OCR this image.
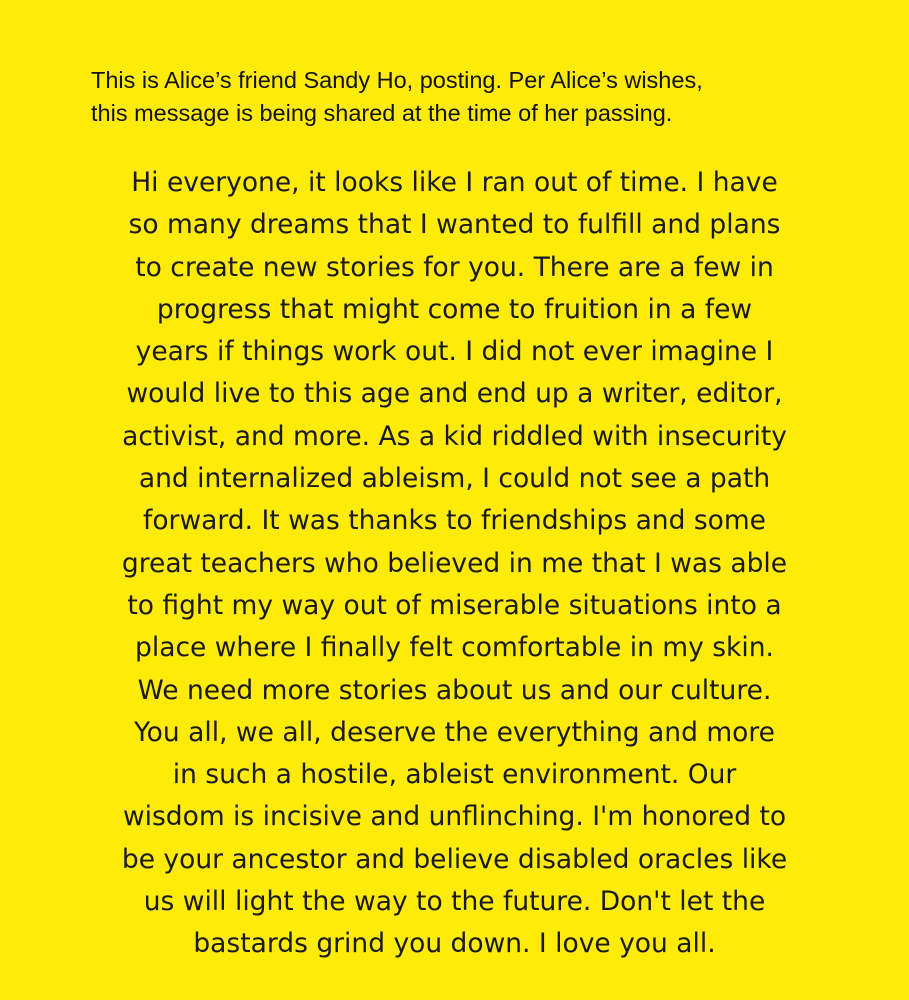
This is Alice’s friend Sandy Ho, posting. Per Alice’s wishes,
this message is being shared at the time of her passing.
Hi everyone, it looks like I ran out of time. I have
so many dreams that I wanted to fulfill and plans
to create new stories for you. There are a few in
progress that might come to fruition in a few
years if things work out. I did not ever imagine I
would live to this age and end up a writer, editor,
activist, and more. As a kid riddled with insecurity
and internalized ableism, I could not see a path
forward. It was thanks to friendships and some
great teachers who believed in me that I was able
to fight my way out of miserable situations into a
place where I finally felt comfortable in my skin.
We need more stories about us and our culture.
You all, we all, deserve the everything and more
in such a hostile, ableist environment. Our
wisdom is incisive and unflinching. I'm honored to
be your ancestor and believe disabled oracles like
us will light the way to the future. Don't let the
bastards grind you down. I love you all.
